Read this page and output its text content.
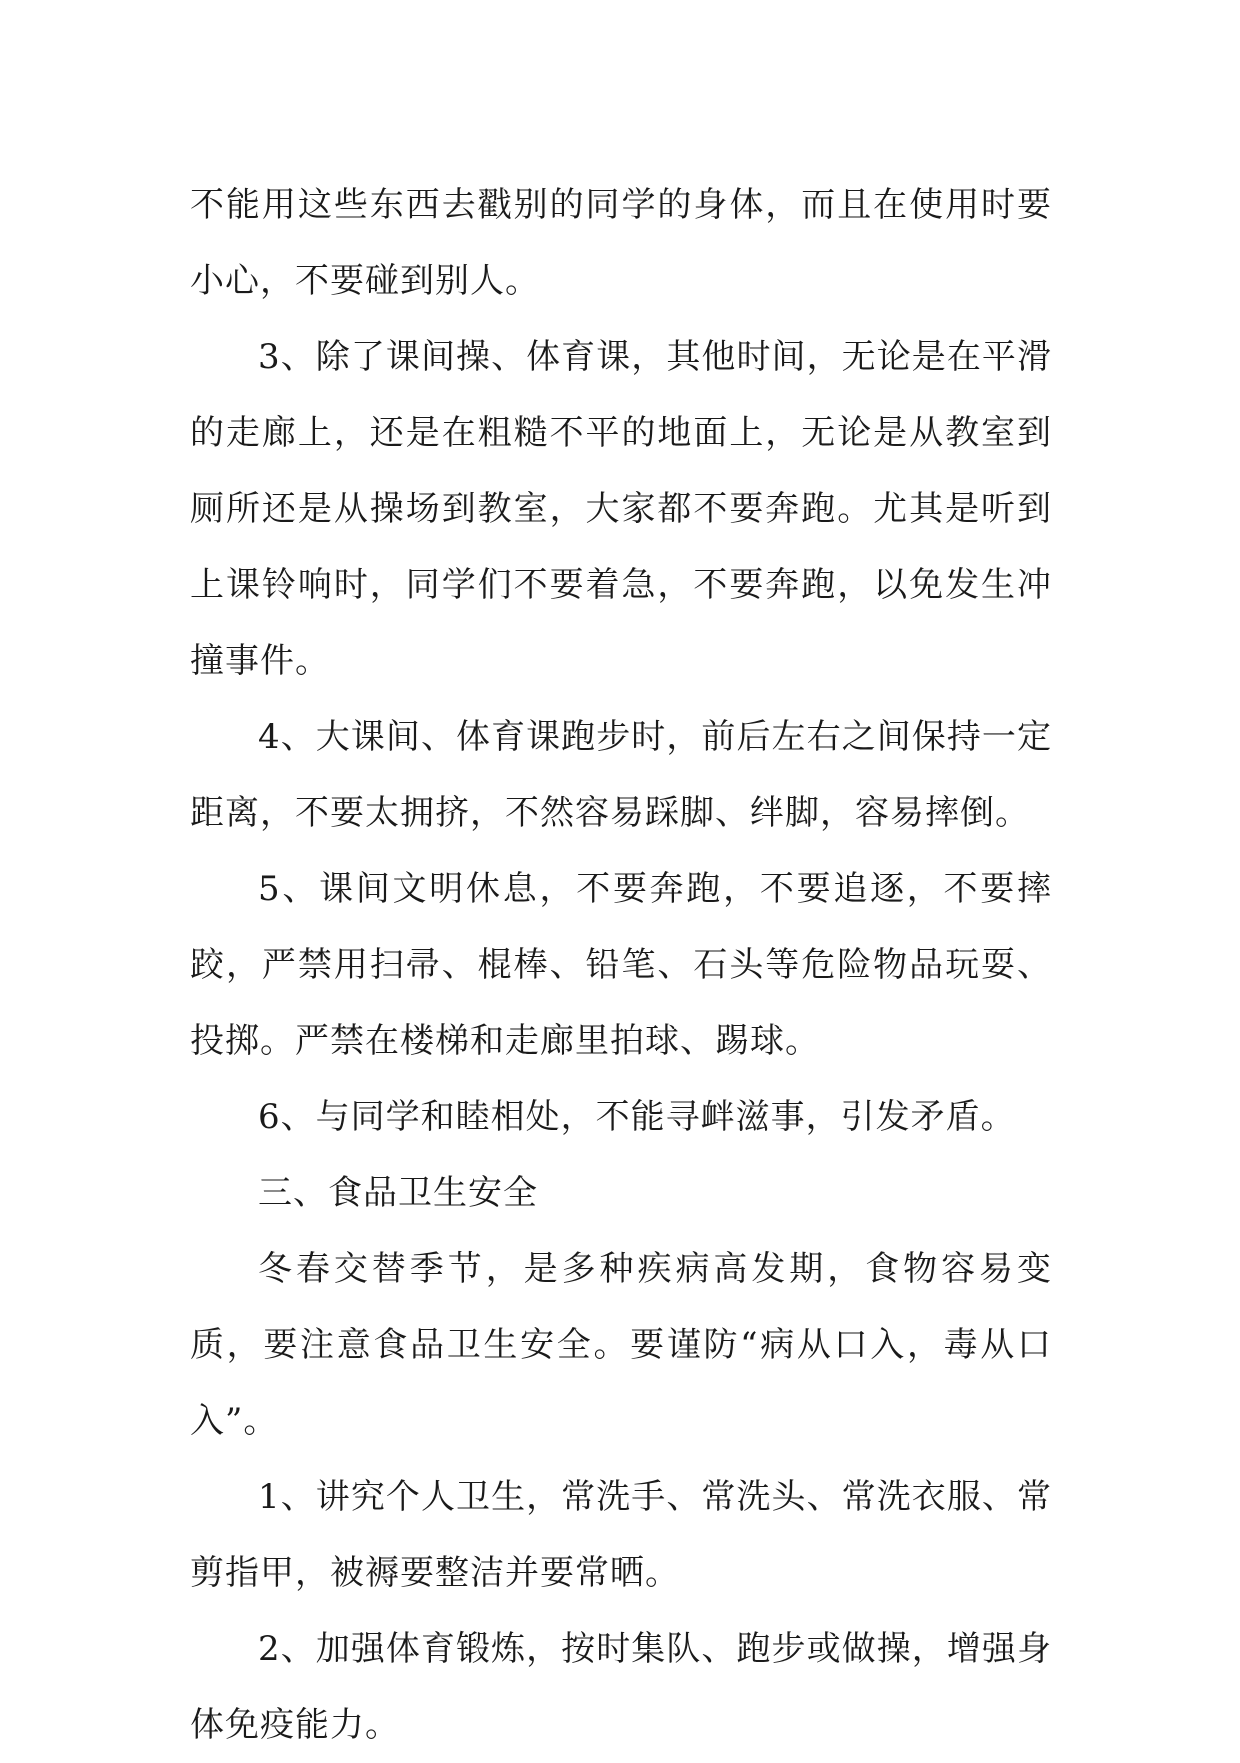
不能用这些东西去戳别的同学的身体，而且在使用时要小心，不要碰到别人。

3、除了课间操、体育课，其他时间，无论是在平滑的走廊上，还是在粗糙不平的地面上，无论是从教室到厕所还是从操场到教室，大家都不要奔跑。尤其是听到上课铃响时，同学们不要着急，不要奔跑，以免发生冲撞事件。

4、大课间、体育课跑步时，前后左右之间保持一定距离，不要太拥挤，不然容易踩脚、绊脚，容易摔倒。

5、课间文明休息，不要奔跑，不要追逐，不要摔跤，严禁用扫帚、棍棒、铅笔、石头等危险物品玩耍、投掷。严禁在楼梯和走廊里拍球、踢球。

6、与同学和睦相处，不能寻衅滋事，引发矛盾。

三、食品卫生安全

冬春交替季节，是多种疾病高发期，食物容易变质，要注意食品卫生安全。要谨防“病从口入，毒从口入”。

1、讲究个人卫生，常洗手、常洗头、常洗衣服、常剪指甲，被褥要整洁并要常晒。

2、加强体育锻炼，按时集队、跑步或做操，增强身体免疫能力。
